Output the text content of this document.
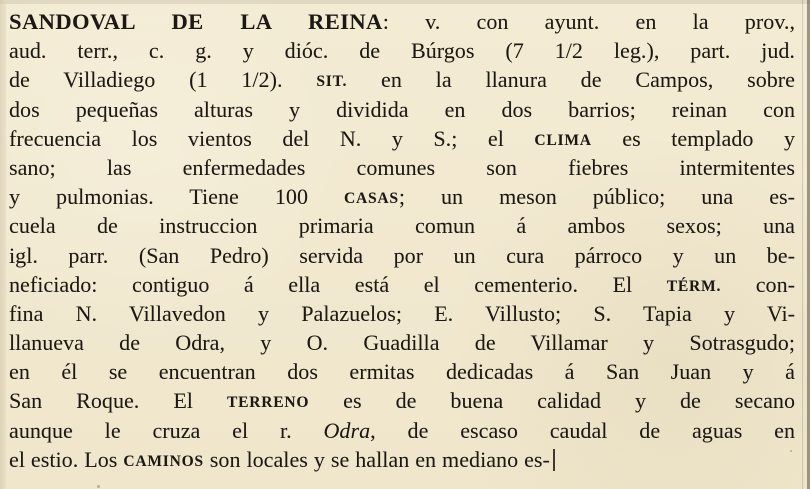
SANDOVAL DE LA REINA: v. con ayunt. en la prov.,
aud. terr., c. g. y dióc. de Búrgos (7 1/2 leg.), part. jud.
de Villadiego (1 1/2). SIT. en la llanura de Campos, sobre
dos pequeñas alturas y dividida en dos barrios; reinan con
frecuencia los vientos del N. y S.; el CLIMA es templado y
sano; las enfermedades comunes son fiebres intermitentes
y pulmonias. Tiene 100 CASAS; un meson público; una es-
cuela de instruccion primaria comun á ambos sexos; una
igl. parr. (San Pedro) servida por un cura párroco y un be-
neficiado: contiguo á ella está el cementerio. El TÉRM. con-
fina N. Villavedon y Palazuelos; E. Villusto; S. Tapia y Vi-
llanueva de Odra, y O. Guadilla de Villamar y Sotrasgudo;
en él se encuentran dos ermitas dedicadas á San Juan y á
San Roque. El TERRENO es de buena calidad y de secano
aunque le cruza el r. Odra, de escaso caudal de aguas en
el estio. Los CAMINOS son locales y se hallan en mediano es-
